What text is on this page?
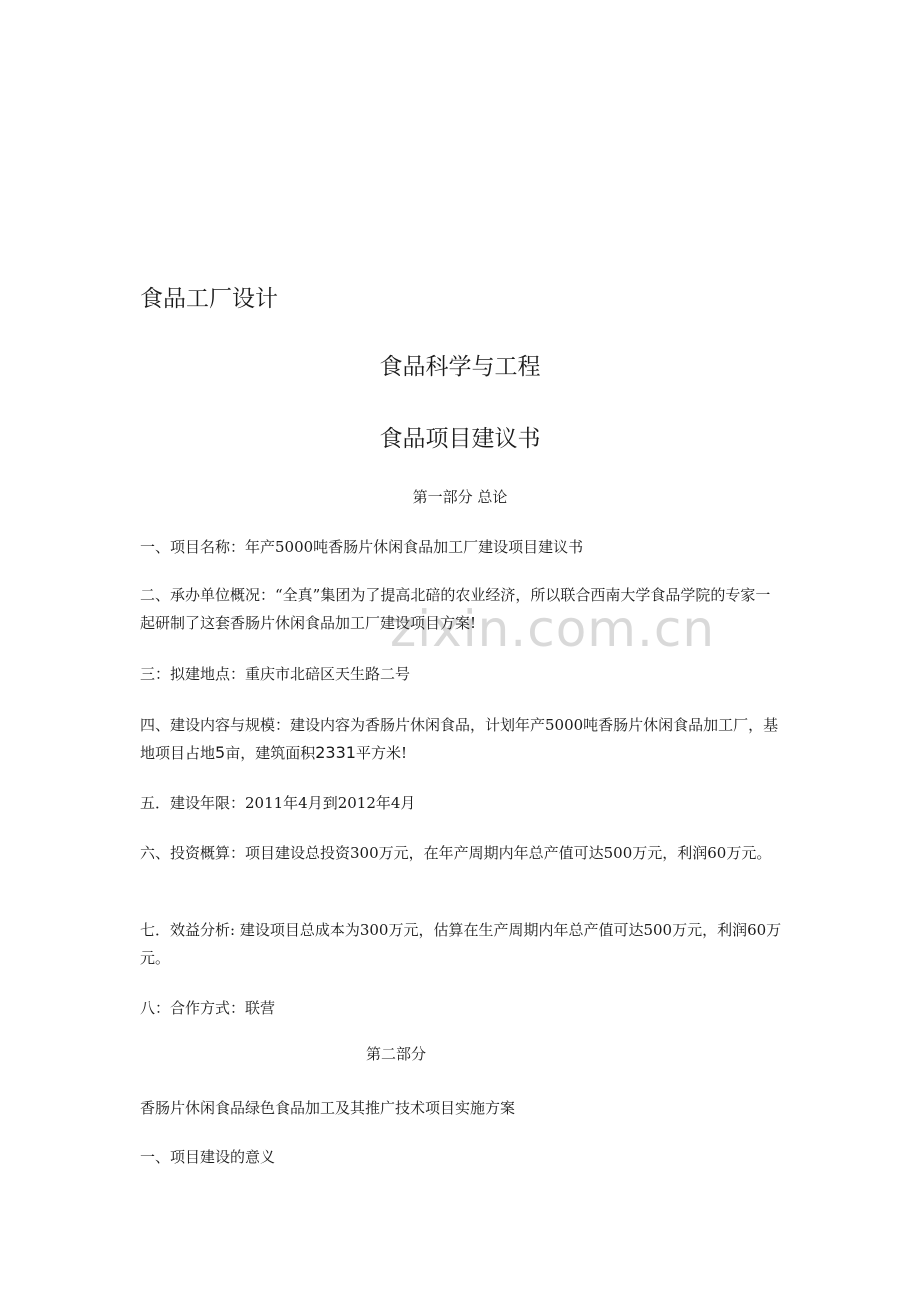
zixin.com.cn
食品工厂设计
食品科学与工程
食品项目建议书
第一部分 总论
一、项目名称：年产5000吨香肠片休闲食品加工厂建设项目建议书
二、承办单位概况：“全真”集团为了提高北碚的农业经济，所以联合西南大学食品学院的专家一起研制了这套香肠片休闲食品加工厂建设项目方案!
三：拟建地点：重庆市北碚区天生路二号
四、建设内容与规模：建设内容为香肠片休闲食品，计划年产5000吨香肠片休闲食品加工厂，基地项目占地5亩，建筑面积2331平方米!
五．建设年限：2011年4月到2012年4月
六、投资概算：项目建设总投资300万元，在年产周期内年总产值可达500万元，利润60万元。
七．效益分析: 建设项目总成本为300万元，估算在生产周期内年总产值可达500万元，利润60万元。
八：合作方式：联营
第二部分
香肠片休闲食品绿色食品加工及其推广技术项目实施方案
一、项目建设的意义
